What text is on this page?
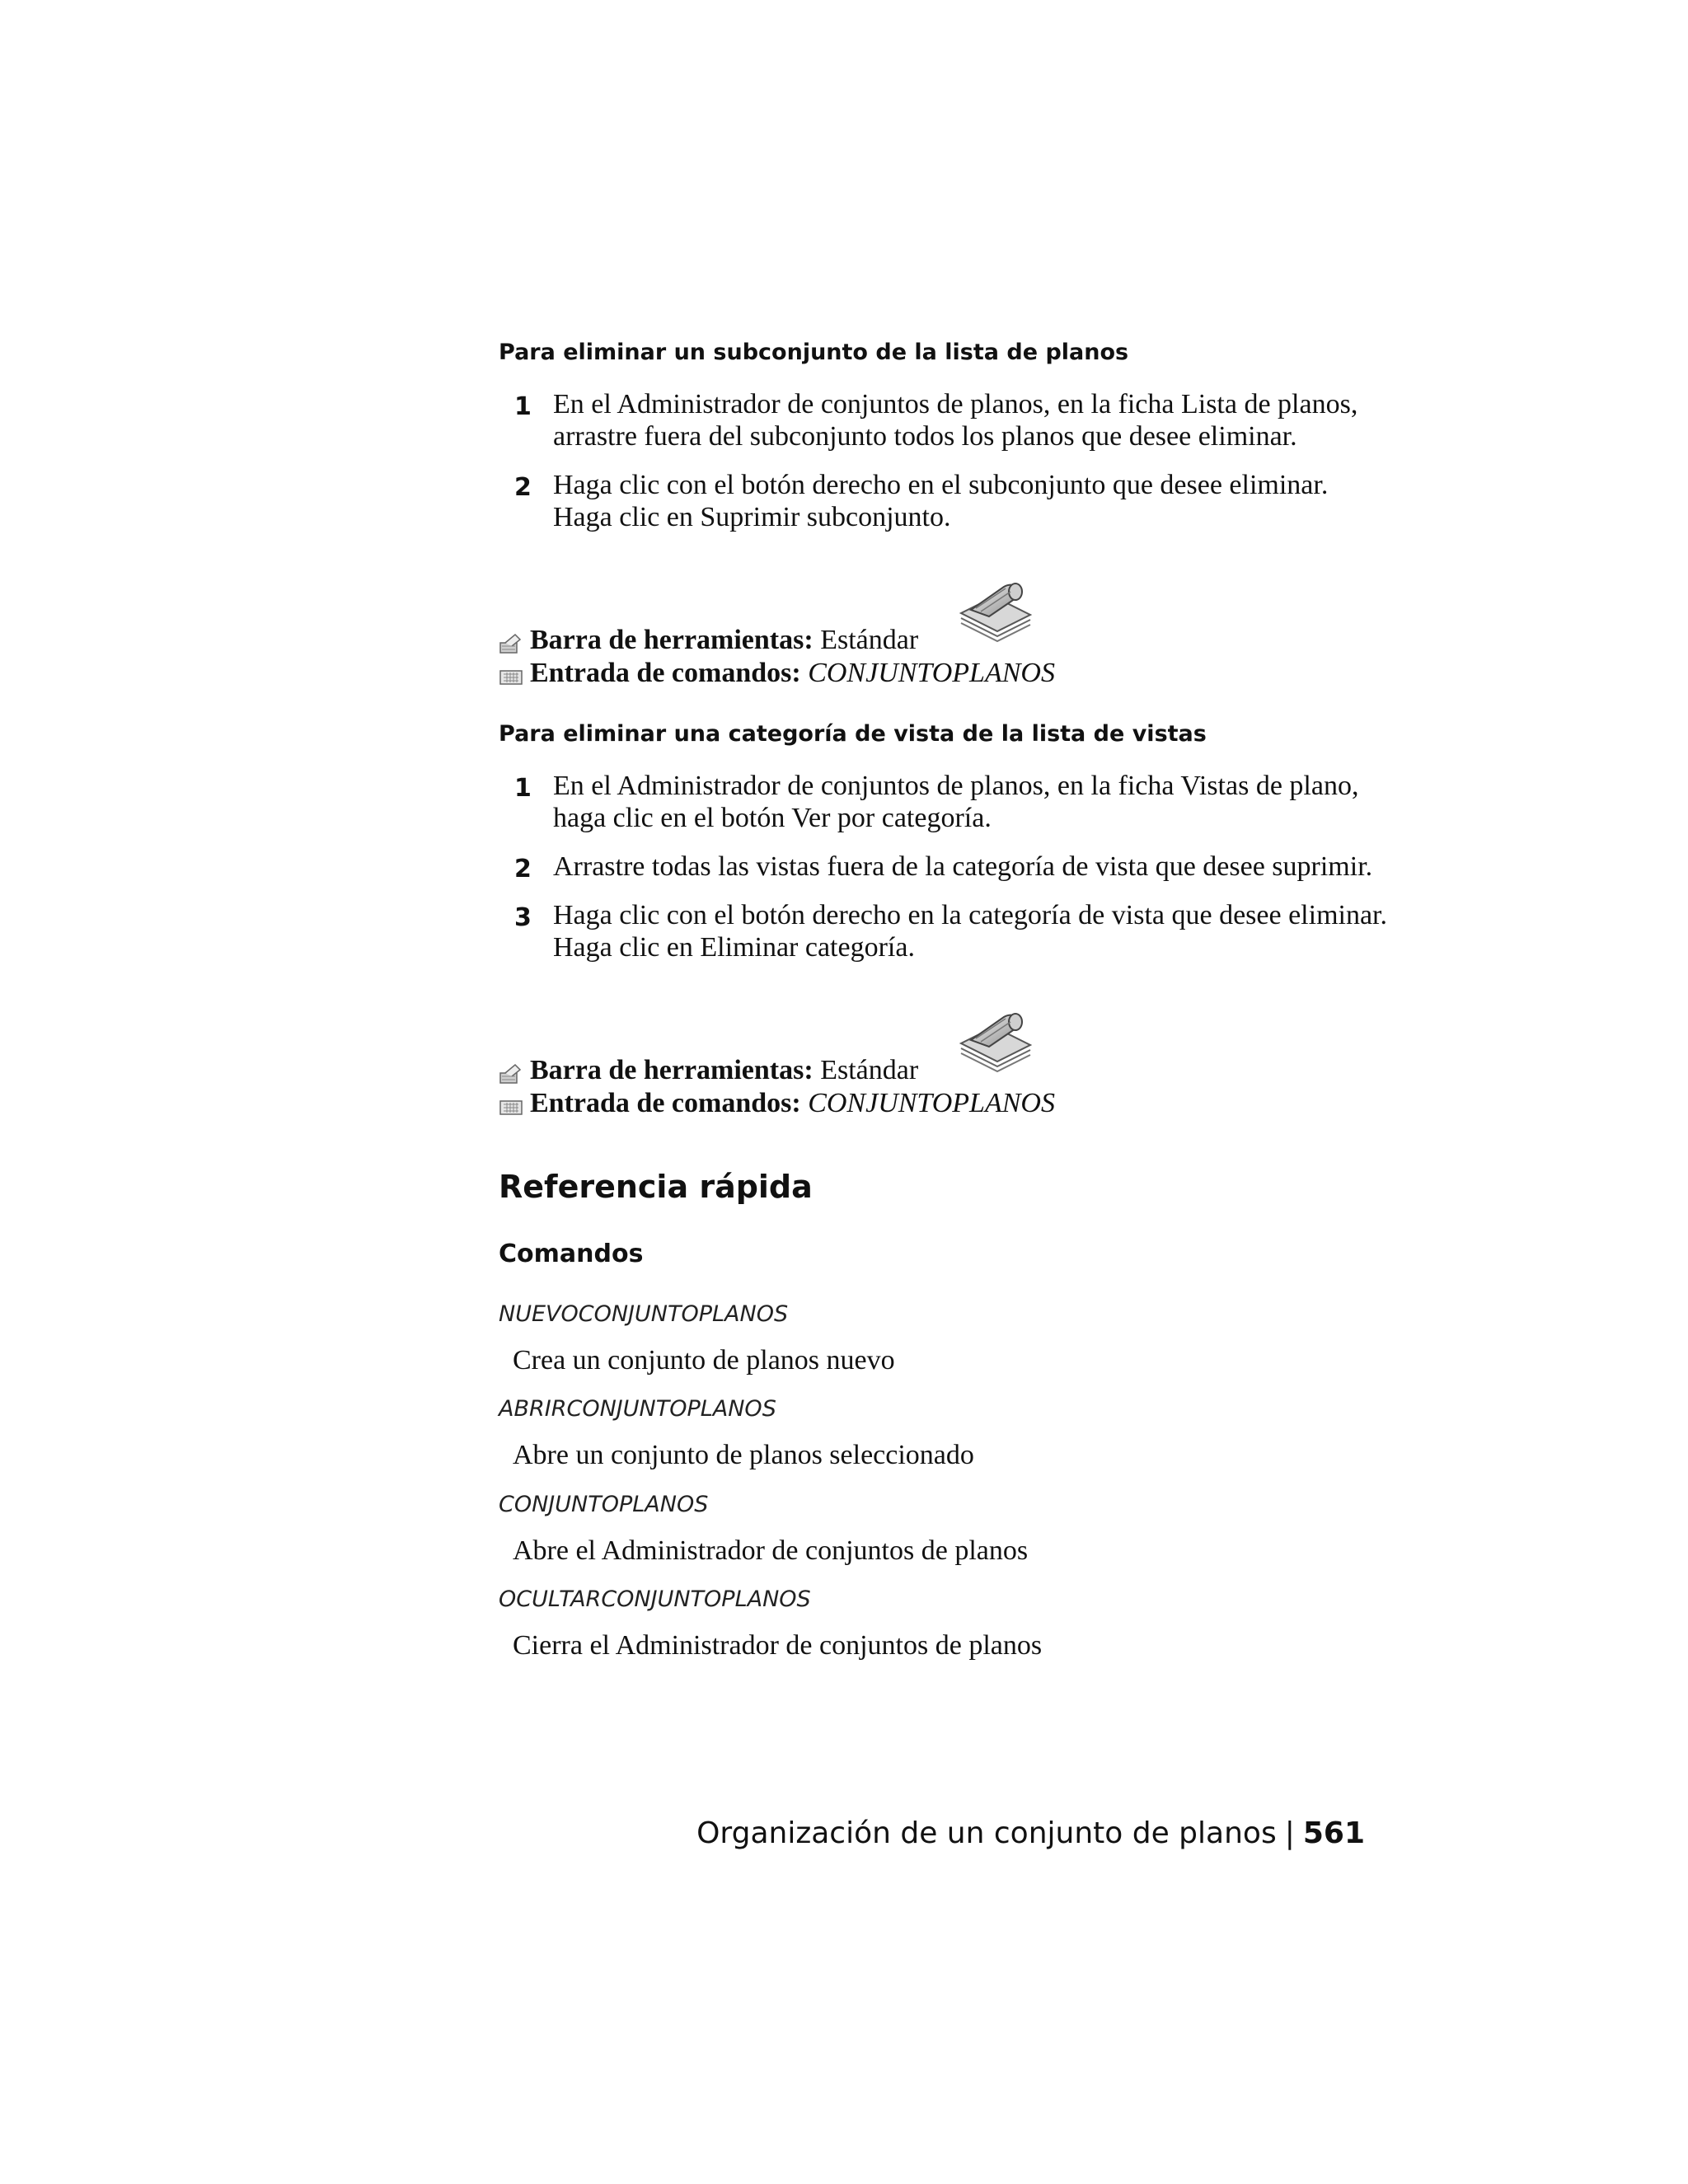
Para eliminar un subconjunto de la lista de planos
1 En el Administrador de conjuntos de planos, en la ficha Lista de planos,
arrastre fuera del subconjunto todos los planos que desee eliminar.
2 Haga clic con el botón derecho en el subconjunto que desee eliminar.
Haga clic en Suprimir subconjunto.
Barra de herramientas: Estándar
Entrada de comandos: CONJUNTOPLANOS
Para eliminar una categoría de vista de la lista de vistas
1 En el Administrador de conjuntos de planos, en la ficha Vistas de plano,
haga clic en el botón Ver por categoría.
2 Arrastre todas las vistas fuera de la categoría de vista que desee suprimir.
3 Haga clic con el botón derecho en la categoría de vista que desee eliminar.
Haga clic en Eliminar categoría.
Barra de herramientas: Estándar
Entrada de comandos: CONJUNTOPLANOS
Referencia rápida
Comandos
NUEVOCONJUNTOPLANOS
Crea un conjunto de planos nuevo
ABRIRCONJUNTOPLANOS
Abre un conjunto de planos seleccionado
CONJUNTOPLANOS
Abre el Administrador de conjuntos de planos
OCULTARCONJUNTOPLANOS
Cierra el Administrador de conjuntos de planos
Organización de un conjunto de planos | 561
